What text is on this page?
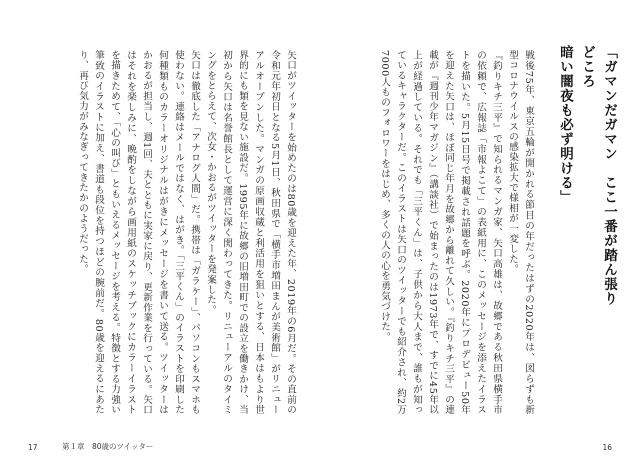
矢口がツイッターを始めたのは80歳を迎えた年、2019年の6月だ。その直前の令和元年初日となる5月1日、秋田県で「横手市増田まんが美術館」がリニューアルオープンした。マンガの原画収蔵と利活用を狙いとする、日本はもより世界的にも類を見ない施設だ。1995年に故郷の旧増田町での設立を働きかけ、当初から矢口は名誉館長として運営に深く関わってきた。リニューアルのタイミングをとらえて、次女・かおるがツイッターを発案した。
矢口は徹底した「アナログ人間」だ。携帯は「ガラケー」、パソコンもスマホも使わない。連絡はメールではなく、はがき。「三平くん」のイラストを印刷した何種類ものカラーオリジナルはがきにメッセージを書いて送る。ツイッターはかおるが担当し、週1回、夫とともに実家に戻り、更新作業を行っている。矢口はそれを楽しみに、晩酌をしながら画用紙のスケッチブックにカラーイラストを描きためて、「心の叫び」ともいえるメッセージを考える。特徴とする力強い筆致のイラストに加え、書道も段位を持つほどの腕前だ。80歳を迎えるにあたり、再び気力がみなぎってきたかのようだった。
17	第１章　80歳のツイッター
「ガマンだガマン　ここ一番が踏ん張りどころ
暗い闇夜も必ず明ける」
戦後75年、東京五輪が開かれる節目の年だったはずの2020年は、図らずも新型コロナウイルスの感染拡大で様相が一変した。
『釣りキチ三平』で知られるマンガ家、矢口高雄は、故郷である秋田県横手市の依頼で、広報誌「市報よこて」の表紙用に、このメッセージを添えたイラストを描いた。5月15日号で掲載され話題を呼ぶ。2020年にプロデビュー50年を迎えた矢口は、ほぼ同じ年月を故郷から離れて久しい。『釣りキチ三平』の連載が『週刊少年マガジン』（講談社）で始まったのは1973年で、すでに45年以上が経過している。それでも「三平くん」は、子供から大人まで、誰もが知っているキャラクターだ。このイラストは矢口のツイッターでも紹介され、約2万7000人ものフォロワーをはじめ、多くの人の心を勇気づけた。
16
